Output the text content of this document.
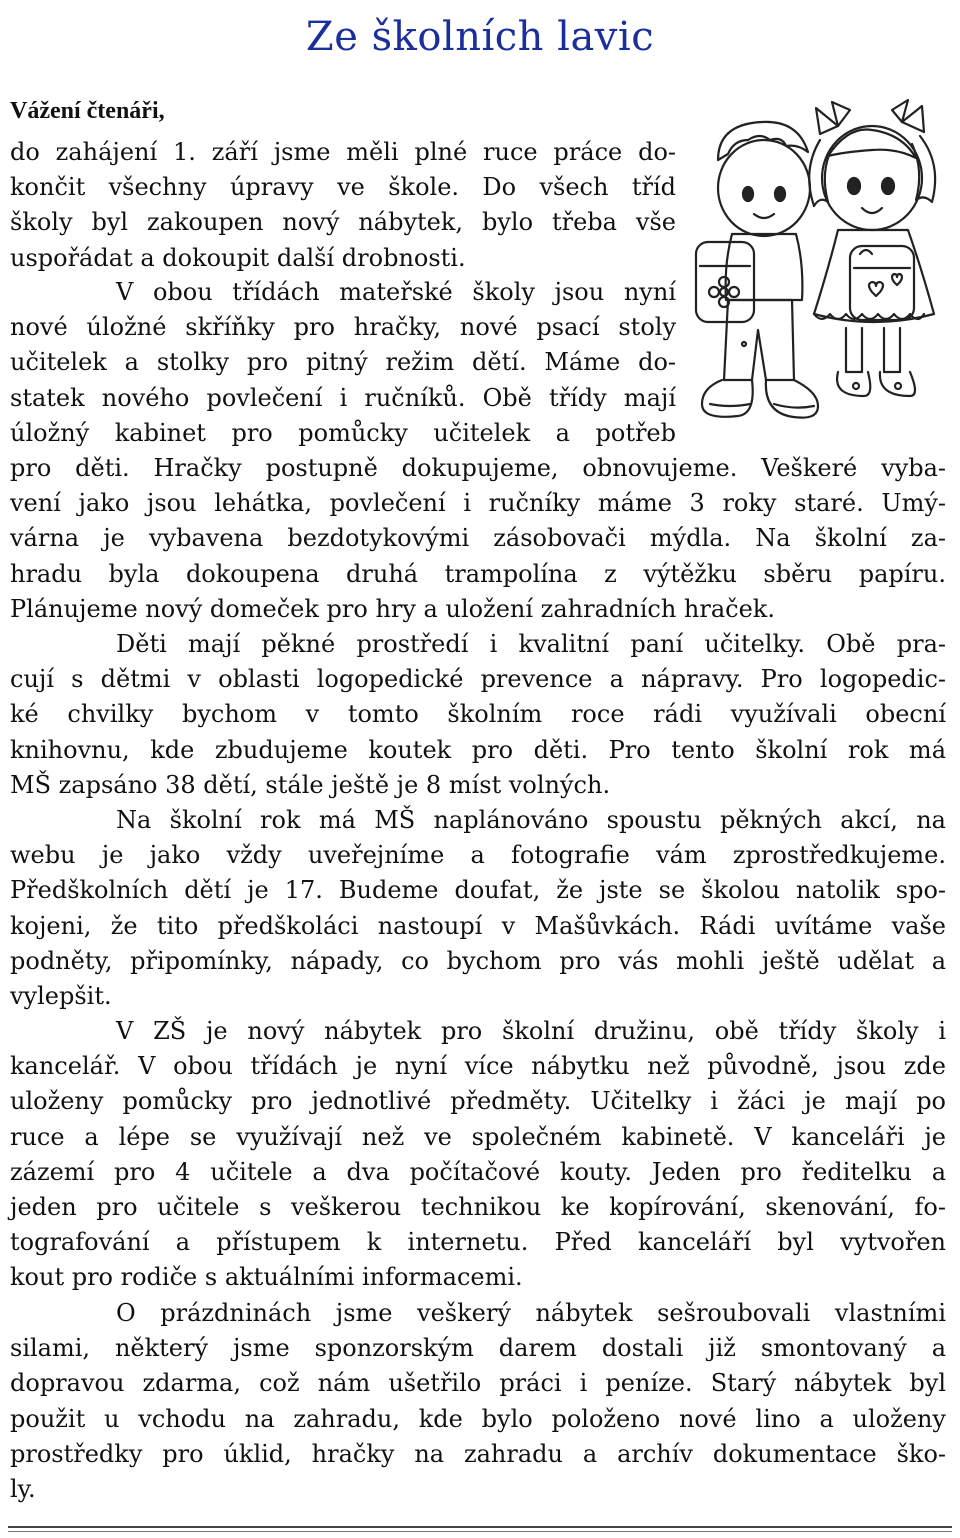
Ze školních lavic

Vážení čtenáři,

do zahájení 1. září jsme měli plné ruce práce do-
končit všechny úpravy ve škole. Do všech tříd
školy byl zakoupen nový nábytek, bylo třeba vše
uspořádat a dokoupit další drobnosti.
V obou třídách mateřské školy jsou nyní
nové úložné skříňky pro hračky, nové psací stoly
učitelek a stolky pro pitný režim dětí. Máme do-
statek nového povlečení i ručníků. Obě třídy mají
úložný kabinet pro pomůcky učitelek a potřeb
pro děti. Hračky postupně dokupujeme, obnovujeme. Veškeré vyba-
vení jako jsou lehátka, povlečení i ručníky máme 3 roky staré. Umý-
várna je vybavena bezdotykovými zásobovači mýdla. Na školní za-
hradu byla dokoupena druhá trampolína z výtěžku sběru papíru.
Plánujeme nový domeček pro hry a uložení zahradních hraček.
Děti mají pěkné prostředí i kvalitní paní učitelky. Obě pra-
cují s dětmi v oblasti logopedické prevence a nápravy. Pro logopedic-
ké chvilky bychom v tomto školním roce rádi využívali obecní
knihovnu, kde zbudujeme koutek pro děti. Pro tento školní rok má
MŠ zapsáno 38 dětí, stále ještě je 8 míst volných.
Na školní rok má MŠ naplánováno spoustu pěkných akcí, na
webu je jako vždy uveřejníme a fotografie vám zprostředkujeme.
Předškolních dětí je 17. Budeme doufat, že jste se školou natolik spo-
kojeni, že tito předškoláci nastoupí v Mašůvkách. Rádi uvítáme vaše
podněty, připomínky, nápady, co bychom pro vás mohli ještě udělat a
vylepšit.
V ZŠ je nový nábytek pro školní družinu, obě třídy školy i
kancelář. V obou třídách je nyní více nábytku než původně, jsou zde
uloženy pomůcky pro jednotlivé předměty. Učitelky i žáci je mají po
ruce a lépe se využívají než ve společném kabinetě. V kanceláři je
zázemí pro 4 učitele a dva počítačové kouty. Jeden pro ředitelku a
jeden pro učitele s veškerou technikou ke kopírování, skenování, fo-
tografování a přístupem k internetu. Před kanceláří byl vytvořen
kout pro rodiče s aktuálními informacemi.
O prázdninách jsme veškerý nábytek sešroubovali vlastními
silami, některý jsme sponzorským darem dostali již smontovaný a
dopravou zdarma, což nám ušetřilo práci i peníze. Starý nábytek byl
použit u vchodu na zahradu, kde bylo položeno nové lino a uloženy
prostředky pro úklid, hračky na zahradu a archív dokumentace ško-
ly.
